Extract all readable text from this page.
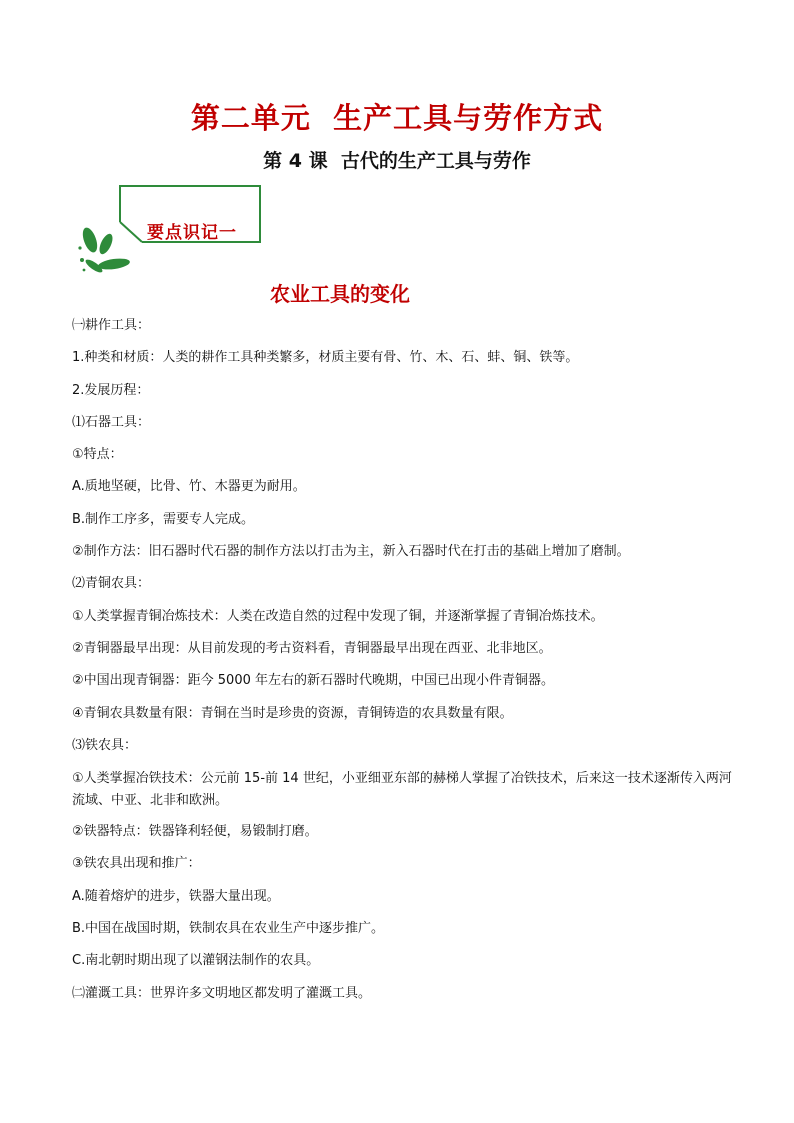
第二单元  生产工具与劳作方式
第 4 课  古代的生产工具与劳作
要点识记一
农业工具的变化
㈠耕作工具：
1.种类和材质：人类的耕作工具种类繁多，材质主要有骨、竹、木、石、蚌、铜、铁等。
2.发展历程：
⑴石器工具：
①特点：
A.质地坚硬，比骨、竹、木器更为耐用。
B.制作工序多，需要专人完成。
②制作方法：旧石器时代石器的制作方法以打击为主，新入石器时代在打击的基础上增加了磨制。
⑵青铜农具：
①人类掌握青铜冶炼技术：人类在改造自然的过程中发现了铜，并逐渐掌握了青铜冶炼技术。
②青铜器最早出现：从目前发现的考古资料看，青铜器最早出现在西亚、北非地区。
②中国出现青铜器：距今 5000 年左右的新石器时代晚期，中国已出现小件青铜器。
④青铜农具数量有限：青铜在当时是珍贵的资源，青铜铸造的农具数量有限。
⑶铁农具：
①人类掌握冶铁技术：公元前 15-前 14 世纪，小亚细亚东部的赫梯人掌握了冶铁技术，后来这一技术逐渐传入两河流域、中亚、北非和欧洲。
②铁器特点：铁器锋利轻便，易锻制打磨。
③铁农具出现和推广：
A.随着熔炉的进步，铁器大量出现。
B.中国在战国时期，铁制农具在农业生产中逐步推广。
C.南北朝时期出现了以灌钢法制作的农具。
㈡灌溉工具：世界许多文明地区都发明了灌溉工具。
